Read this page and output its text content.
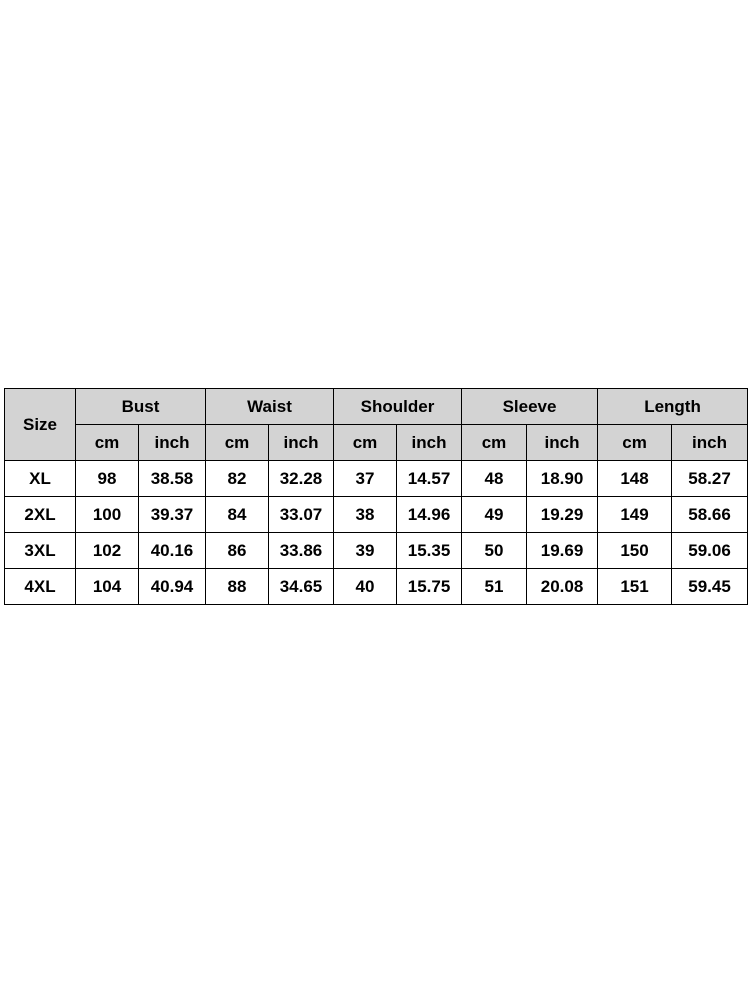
Size	Bust		Waist		Shoulder		Sleeve		Length	
	cm	inch	cm	inch	cm	inch	cm	inch	cm	inch
XL	98	38.58	82	32.28	37	14.57	48	18.90	148	58.27
2XL	100	39.37	84	33.07	38	14.96	49	19.29	149	58.66
3XL	102	40.16	86	33.86	39	15.35	50	19.69	150	59.06
4XL	104	40.94	88	34.65	40	15.75	51	20.08	151	59.45
